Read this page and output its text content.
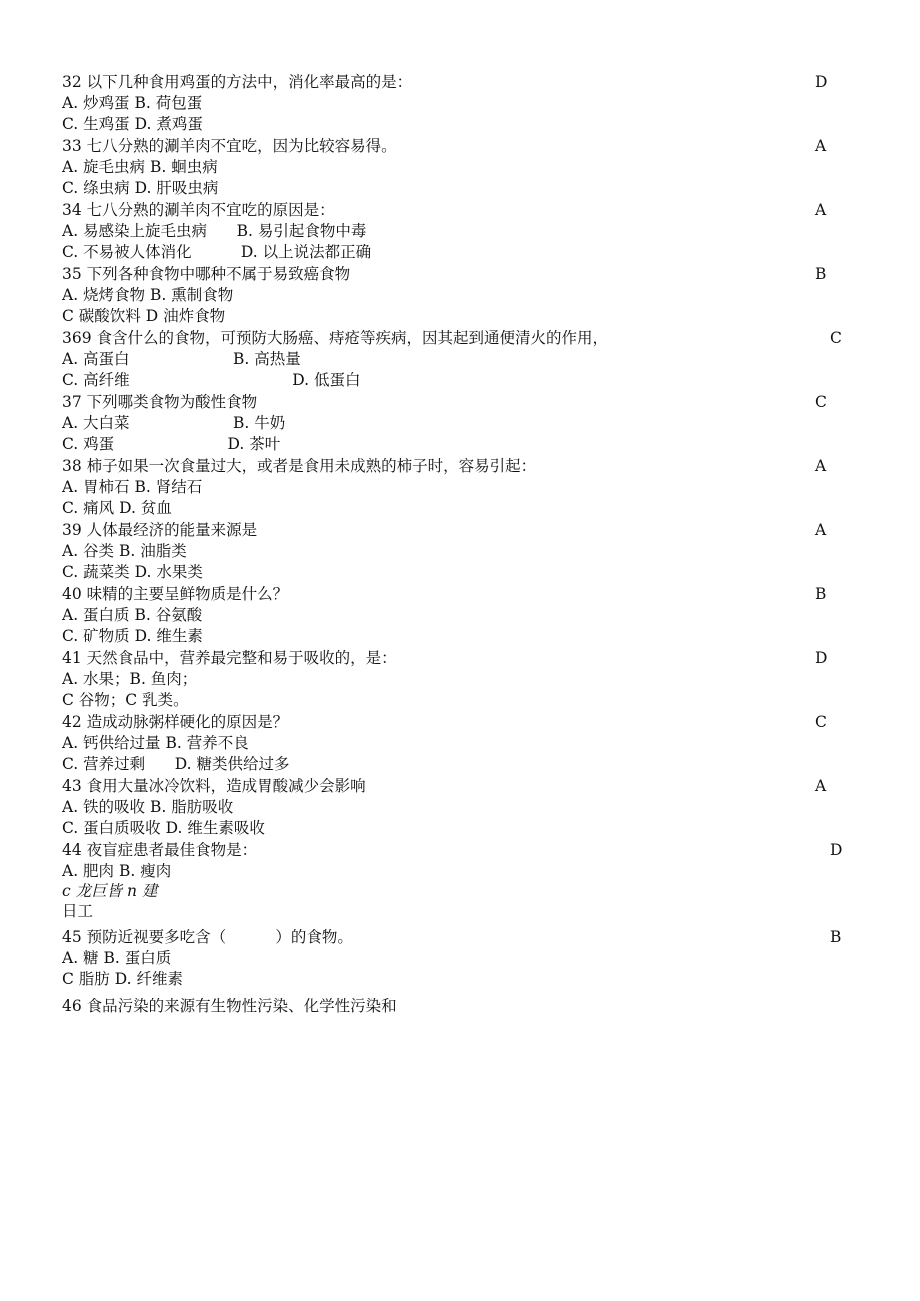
32 以下几种食用鸡蛋的方法中，消化率最高的是：	D
A. 炒鸡蛋 B. 荷包蛋
C. 生鸡蛋 D. 煮鸡蛋
33 七八分熟的涮羊肉不宜吃，因为比较容易得。	A
A. 旋毛虫病 B. 蛔虫病
C. 绦虫病 D. 肝吸虫病
34 七八分熟的涮羊肉不宜吃的原因是：	A
A. 易感染上旋毛虫病      B. 易引起食物中毒
C. 不易被人体消化          D. 以上说法都正确
35 下列各种食物中哪种不属于易致癌食物	B
A. 烧烤食物 B. 熏制食物
C 碳酸饮料 D 油炸食物
369 食含什么的食物，可预防大肠癌、痔疮等疾病，因其起到通便清火的作用，	C
A. 高蛋白                     B. 高热量
C. 高纤维                                 D. 低蛋白
37 下列哪类食物为酸性食物	C
A. 大白菜                     B. 牛奶
C. 鸡蛋                       D. 茶叶
38 柿子如果一次食量过大，或者是食用未成熟的柿子时，容易引起：	A
A. 胃柿石 B. 肾结石
C. 痛风 D. 贫血
39 人体最经济的能量来源是	A
A. 谷类 B. 油脂类
C. 蔬菜类 D. 水果类
40 味精的主要呈鲜物质是什么？	B
A. 蛋白质 B. 谷氨酸
C. 矿物质 D. 维生素
41 天然食品中，营养最完整和易于吸收的，是：	D
A. 水果；B. 鱼肉；
C 谷物；C 乳类。
42 造成动脉粥样硬化的原因是？	C
A. 钙供给过量 B. 营养不良
C. 营养过剩      D. 糖类供给过多
43 食用大量冰冷饮料，造成胃酸减少会影响	A
A. 铁的吸收 B. 脂肪吸收
C. 蛋白质吸收 D. 维生素吸收
44 夜盲症患者最佳食物是：	D
A. 肥肉 B. 瘦肉
c 龙巨皆 n 建
日工
45 预防近视要多吃含（          ）的食物。	B
A. 糖 B. 蛋白质
C 脂肪 D. 纤维素
46 食品污染的来源有生物性污染、化学性污染和
